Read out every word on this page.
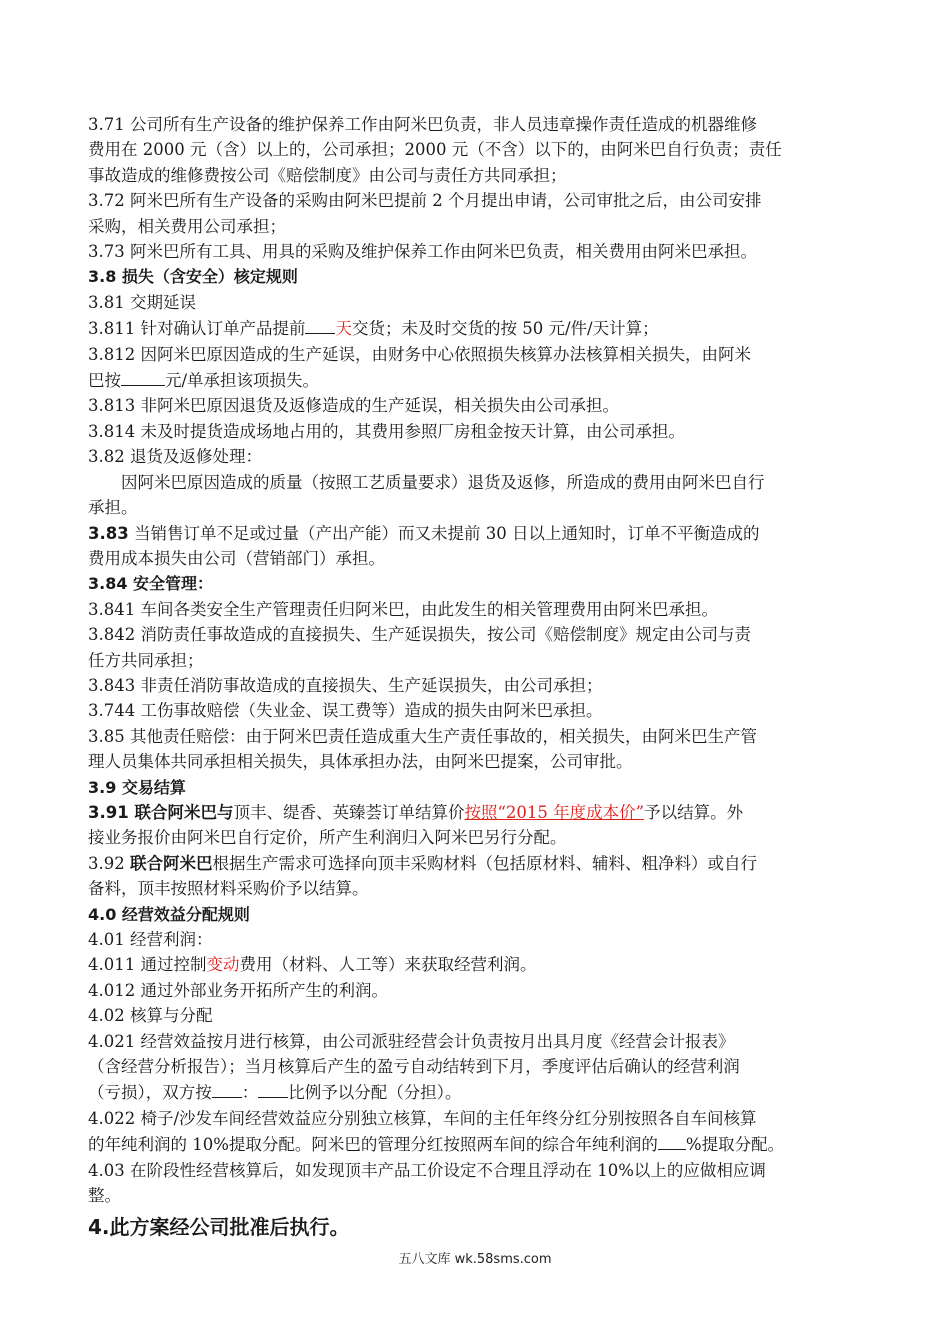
3.71 公司所有生产设备的维护保养工作由阿米巴负责，非人员违章操作责任造成的机器维修
费用在 2000 元（含）以上的，公司承担；2000 元（不含）以下的，由阿米巴自行负责；责任
事故造成的维修费按公司《赔偿制度》由公司与责任方共同承担；
3.72 阿米巴所有生产设备的采购由阿米巴提前 2 个月提出申请，公司审批之后，由公司安排
采购，相关费用公司承担；
3.73 阿米巴所有工具、用具的采购及维护保养工作由阿米巴负责，相关费用由阿米巴承担。
3.8 损失（含安全）核定规则
3.81 交期延误
3.811 针对确认订单产品提前 天交货；未及时交货的按 50 元/件/天计算；
3.812 因阿米巴原因造成的生产延误，由财务中心依照损失核算办法核算相关损失，由阿米
巴按	元/单承担该项损失。
3.813 非阿米巴原因退货及返修造成的生产延误，相关损失由公司承担。
3.814 未及时提货造成场地占用的，其费用参照厂房租金按天计算，由公司承担。
3.82 退货及返修处理：
因阿米巴原因造成的质量（按照工艺质量要求）退货及返修，所造成的费用由阿米巴自行
承担。
3.83 当销售订单不足或过量（产出产能）而又未提前 30 日以上通知时，订单不平衡造成的
费用成本损失由公司（营销部门）承担。
3.84 安全管理：
3.841 车间各类安全生产管理责任归阿米巴，由此发生的相关管理费用由阿米巴承担。
3.842 消防责任事故造成的直接损失、生产延误损失，按公司《赔偿制度》规定由公司与责
任方共同承担；
3.843 非责任消防事故造成的直接损失、生产延误损失，由公司承担；
3.744 工伤事故赔偿（失业金、误工费等）造成的损失由阿米巴承担。
3.85 其他责任赔偿：由于阿米巴责任造成重大生产责任事故的，相关损失，由阿米巴生产管
理人员集体共同承担相关损失，具体承担办法，由阿米巴提案，公司审批。
3.9 交易结算
3.91 联合阿米巴与顶丰、缇香、英臻荟订单结算价按照“2015 年度成本价”予以结算。外
接业务报价由阿米巴自行定价，所产生利润归入阿米巴另行分配。
3.92 联合阿米巴根据生产需求可选择向顶丰采购材料（包括原材料、辅料、粗净料）或自行
备料，顶丰按照材料采购价予以结算。
4.0 经营效益分配规则
4.01 经营利润：
4.011 通过控制变动费用（材料、人工等）来获取经营利润。
4.012 通过外部业务开拓所产生的利润。
4.02 核算与分配
4.021 经营效益按月进行核算，由公司派驻经营会计负责按月出具月度《经营会计报表》
（含经营分析报告）；当月核算后产生的盈亏自动结转到下月，季度评估后确认的经营利润
（亏损），双方按 ： 比例予以分配（分担）。
4.022 椅子/沙发车间经营效益应分别独立核算，车间的主任年终分红分别按照各自车间核算
的年纯利润的 10%提取分配。阿米巴的管理分红按照两车间的综合年纯利润的 %提取分配。
4.03 在阶段性经营核算后，如发现顶丰产品工价设定不合理且浮动在 10%以上的应做相应调
整。
4.此方案经公司批准后执行。
五八文库 wk.58sms.com
